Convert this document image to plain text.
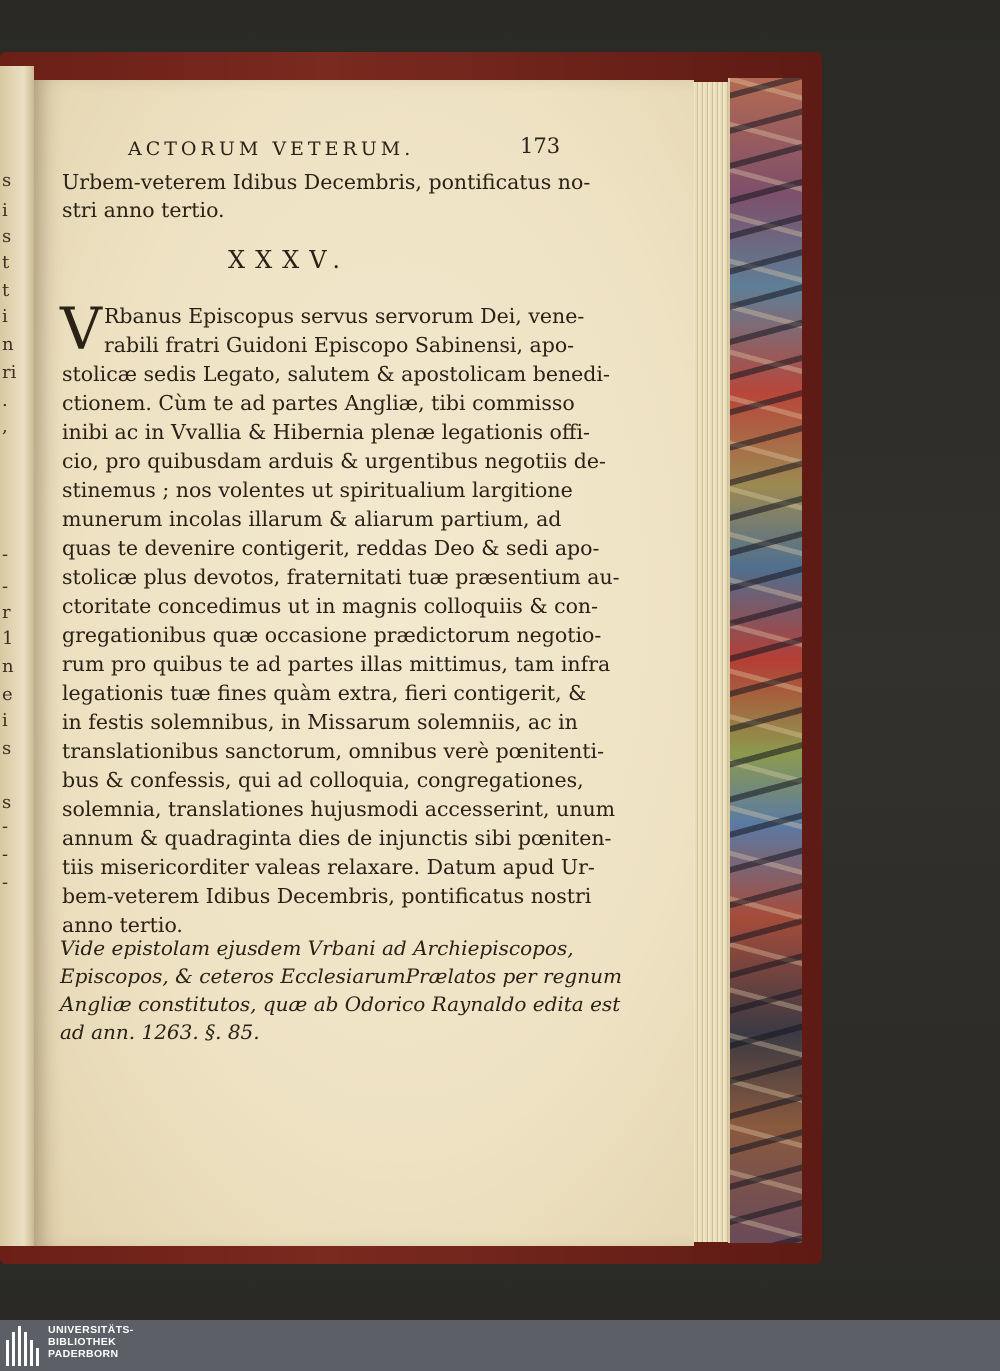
s
i
s
t
t
i
n
ri
.
,
-
-
r
1
n
e
i
s
s
-
-
-
ACTORUM VETERUM.	173
Urbem-veterem Idibus Decembris, pontificatus no-
stri anno tertio.
XXXV.
V Rbanus Episcopus servus servorum Dei, vene-
rabili fratri Guidoni Episcopo Sabinensi, apo-
stolicæ sedis Legato, salutem & apostolicam benedi-
ctionem. Cùm te ad partes Angliæ, tibi commisso
inibi ac in Vvallia & Hibernia plenæ legationis offi-
cio, pro quibusdam arduis & urgentibus negotiis de-
stinemus ; nos volentes ut spiritualium largitione
munerum incolas illarum & aliarum partium, ad
quas te devenire contigerit, reddas Deo & sedi apo-
stolicæ plus devotos, fraternitati tuæ præsentium au-
ctoritate concedimus ut in magnis colloquiis & con-
gregationibus quæ occasione prædictorum negotio-
rum pro quibus te ad partes illas mittimus, tam infra
legationis tuæ fines quàm extra, fieri contigerit, &
in festis solemnibus, in Missarum solemniis, ac in
translationibus sanctorum, omnibus verè pœnitenti-
bus & confessis, qui ad colloquia, congregationes,
solemnia, translationes hujusmodi accesserint, unum
annum & quadraginta dies de injunctis sibi pœniten-
tiis misericorditer valeas relaxare. Datum apud Ur-
bem-veterem Idibus Decembris, pontificatus nostri
anno tertio.
Vide epistolam ejusdem Vrbani ad Archiepiscopos,
Episcopos, & ceteros EcclesiarumPrælatos per regnum
Angliæ constitutos, quæ ab Odorico Raynaldo edita est
ad ann. 1263. §. 85.
UNIVERSITÄTS-
BIBLIOTHEK
PADERBORN
